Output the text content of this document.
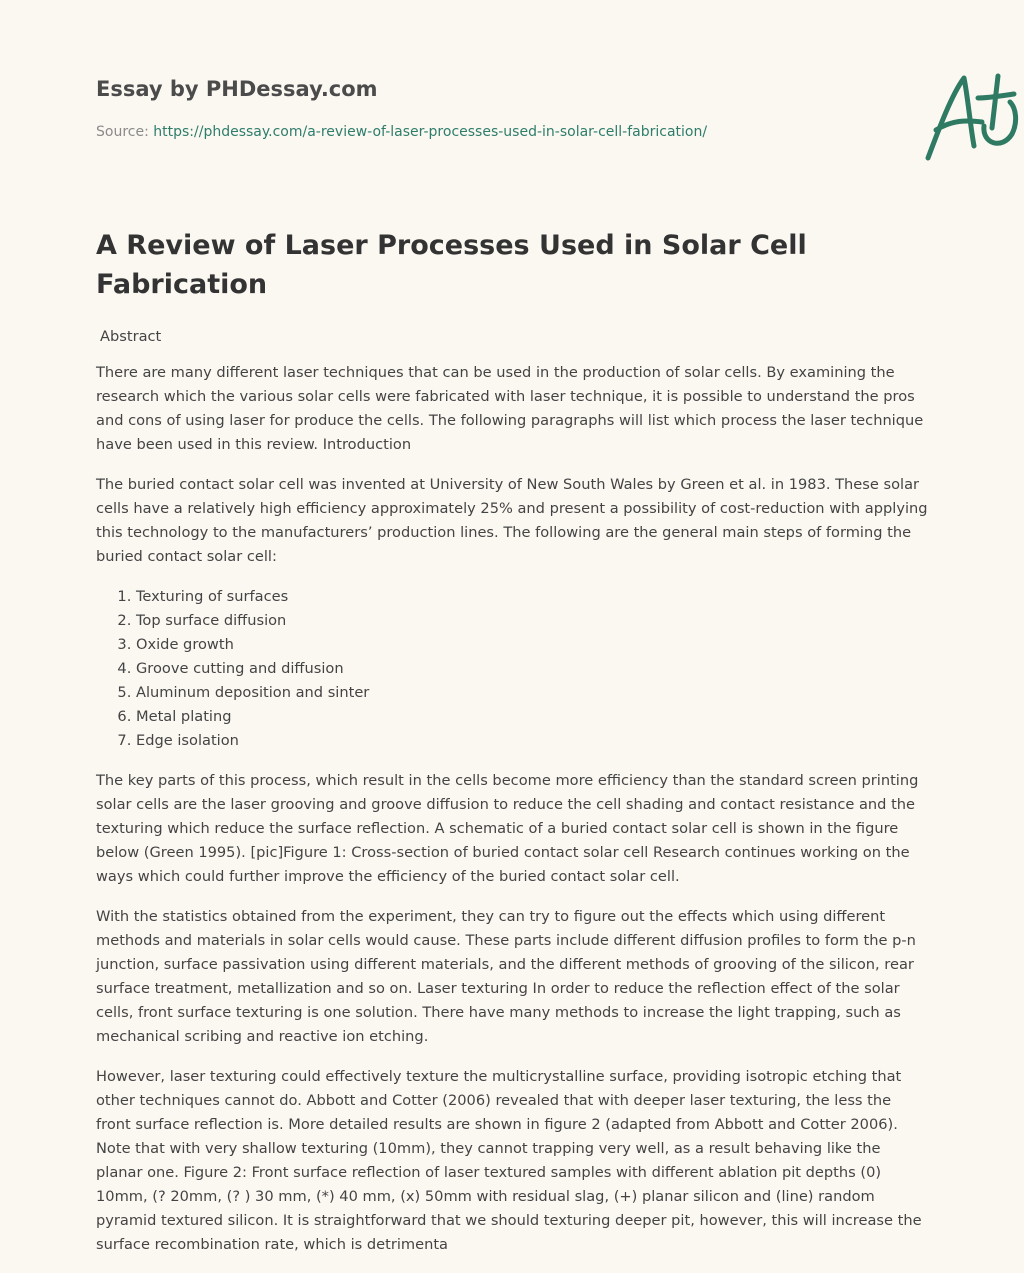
Essay by PHDessay.com
Source: https://phdessay.com/a-review-of-laser-processes-used-in-solar-cell-fabrication/
A Review of Laser Processes Used in Solar Cell Fabrication
Abstract

There are many different laser techniques that can be used in the production of solar cells. By examining the research which the various solar cells were fabricated with laser technique, it is possible to understand the pros and cons of using laser for produce the cells. The following paragraphs will list which process the laser technique have been used in this review. Introduction

The buried contact solar cell was invented at University of New South Wales by Green et al. in 1983. These solar cells have a relatively high efficiency approximately 25% and present a possibility of cost-reduction with applying this technology to the manufacturers’ production lines. The following are the general main steps of forming the buried contact solar cell:

1. Texturing of surfaces
2. Top surface diffusion
3. Oxide growth
4. Groove cutting and diffusion
5. Aluminum deposition and sinter
6. Metal plating
7. Edge isolation

The key parts of this process, which result in the cells become more efficiency than the standard screen printing solar cells are the laser grooving and groove diffusion to reduce the cell shading and contact resistance and the texturing which reduce the surface reflection. A schematic of a buried contact solar cell is shown in the figure below (Green 1995). [pic]Figure 1: Cross-section of buried contact solar cell Research continues working on the ways which could further improve the efficiency of the buried contact solar cell.

With the statistics obtained from the experiment, they can try to figure out the effects which using different methods and materials in solar cells would cause. These parts include different diffusion profiles to form the p-n junction, surface passivation using different materials, and the different methods of grooving of the silicon, rear surface treatment, metallization and so on. Laser texturing In order to reduce the reflection effect of the solar cells, front surface texturing is one solution. There have many methods to increase the light trapping, such as mechanical scribing and reactive ion etching.

However, laser texturing could effectively texture the multicrystalline surface, providing isotropic etching that other techniques cannot do. Abbott and Cotter (2006) revealed that with deeper laser texturing, the less the front surface reflection is. More detailed results are shown in figure 2 (adapted from Abbott and Cotter 2006). Note that with very shallow texturing (10mm), they cannot trapping very well, as a result behaving like the planar one. Figure 2: Front surface reflection of laser textured samples with different ablation pit depths (0) 10mm, (? 20mm, (? ) 30 mm, (*) 40 mm, (x) 50mm with residual slag, (+) planar silicon and (line) random pyramid textured silicon. It is straightforward that we should texturing deeper pit, however, this will increase the surface recombination rate, which is detrimenta
